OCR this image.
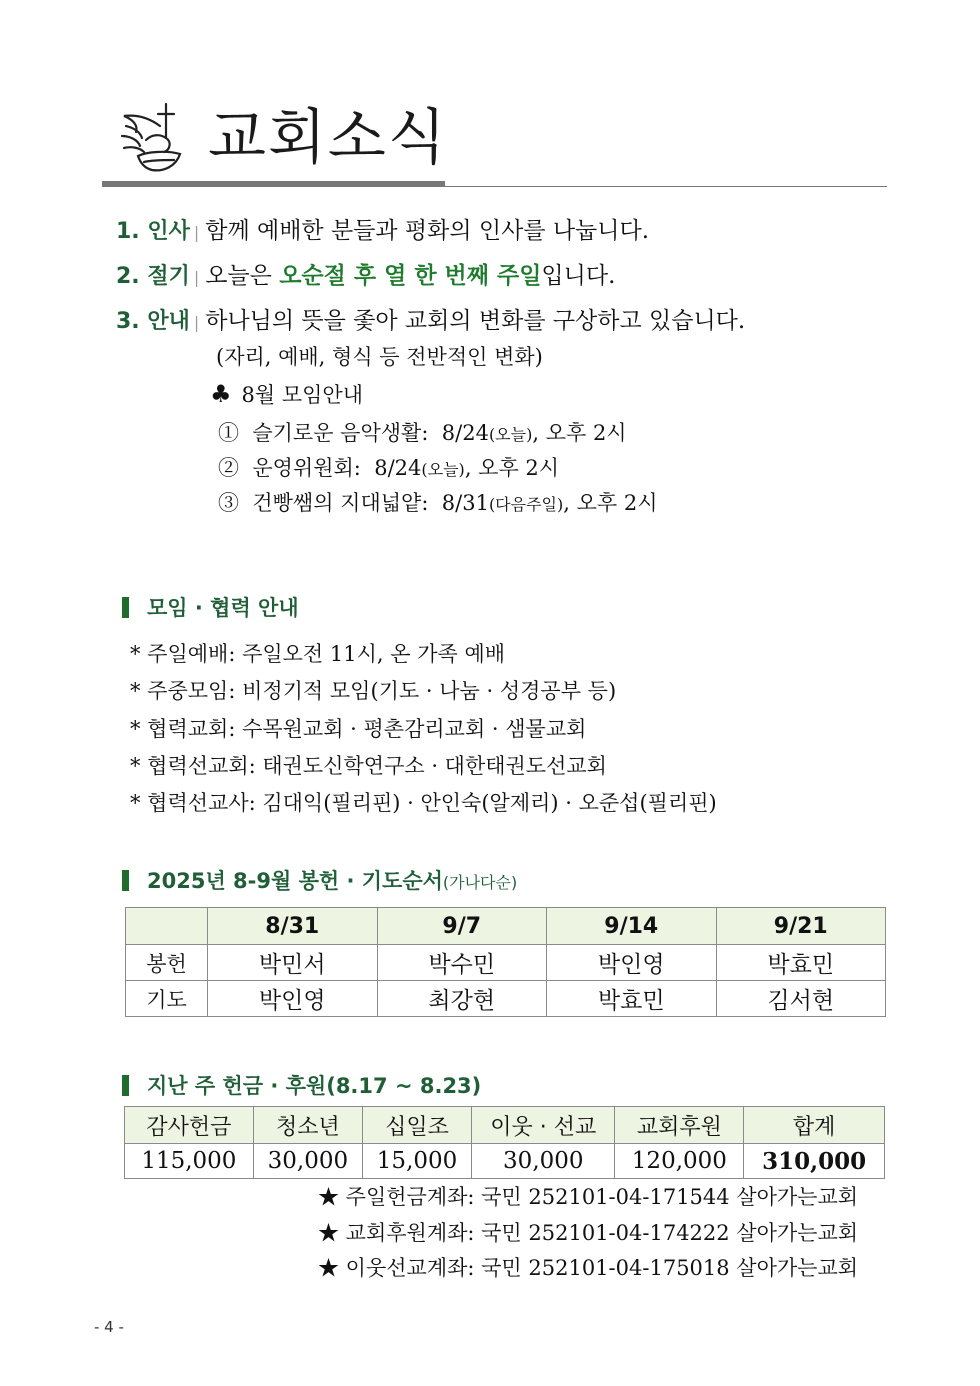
교회소식
1. 인사 | 함께 예배한 분들과 평화의 인사를 나눕니다.
2. 절기 | 오늘은 오순절 후 열 한 번째 주일입니다.
3. 안내 | 하나님의 뜻을 좇아 교회의 변화를 구상하고 있습니다.
(자리, 예배, 형식 등 전반적인 변화)
♣ 8월 모임안내
① 슬기로운 음악생활: 8/24(오늘), 오후 2시
② 운영위원회: 8/24(오늘), 오후 2시
③ 건빵쌤의 지대넓얕: 8/31(다음주일), 오후 2시
모임 · 협력 안내
* 주일예배: 주일오전 11시, 온 가족 예배
* 주중모임: 비정기적 모임(기도 · 나눔 · 성경공부 등)
* 협력교회: 수목원교회 · 평촌감리교회 · 샘물교회
* 협력선교회: 태권도신학연구소 · 대한태권도선교회
* 협력선교사: 김대익(필리핀) · 안인숙(알제리) · 오준섭(필리핀)
2025년 8-9월 봉헌 · 기도순서(가나다순)
	8/31	9/7	9/14	9/21
봉헌	박민서	박수민	박인영	박효민
기도	박인영	최강현	박효민	김서현
지난 주 헌금 · 후원(8.17 ~ 8.23)
감사헌금	청소년	십일조	이웃 · 선교	교회후원	합계
115,000	30,000	15,000	30,000	120,000	310,000
★ 주일헌금계좌: 국민 252101-04-171544 살아가는교회
★ 교회후원계좌: 국민 252101-04-174222 살아가는교회
★ 이웃선교계좌: 국민 252101-04-175018 살아가는교회
- 4 -
